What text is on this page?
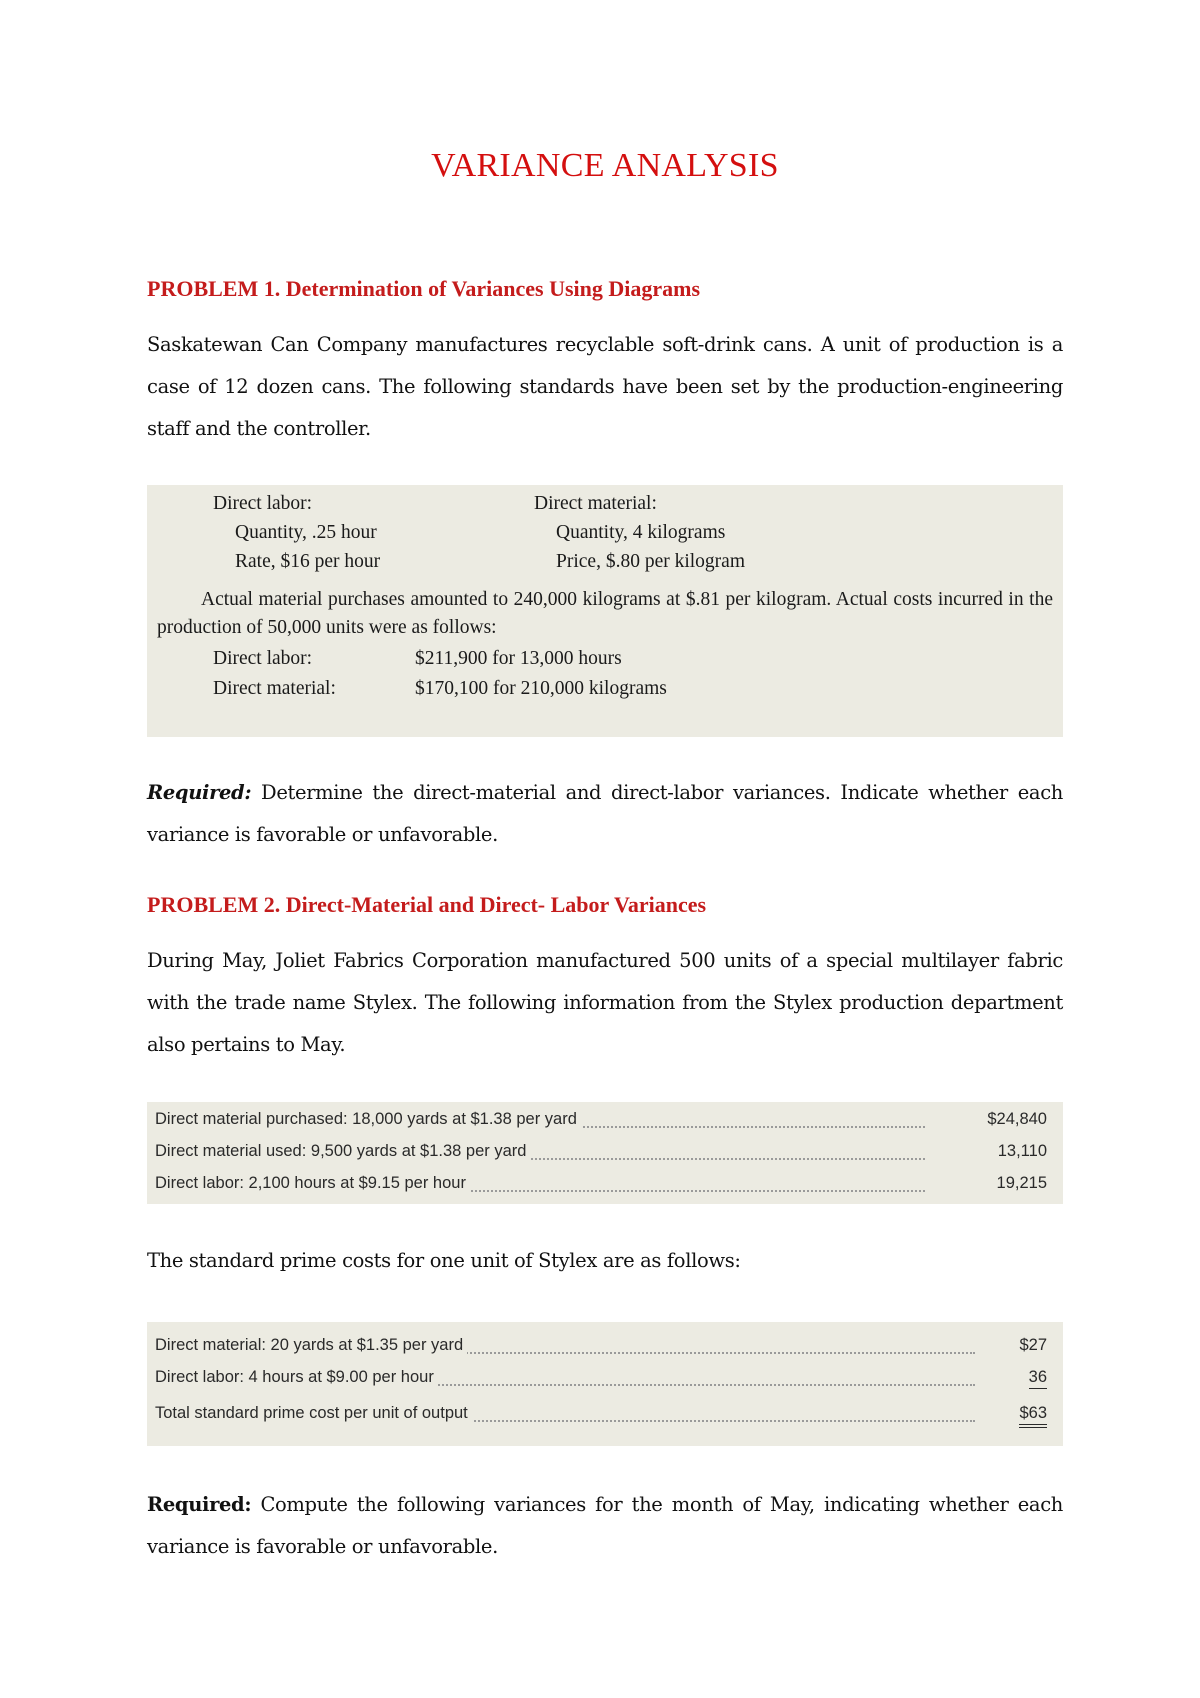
VARIANCE ANALYSIS
PROBLEM 1. Determination of Variances Using Diagrams

Saskatewan Can Company manufactures recyclable soft-drink cans. A unit of production is a case of 12 dozen cans. The following standards have been set by the production-engineering staff and the controller.

Direct labor:
Quantity, .25 hour
Rate, $16 per hour
Direct material:
Quantity, 4 kilograms
Price, $.80 per kilogram
Actual material purchases amounted to 240,000 kilograms at $.81 per kilogram. Actual costs incurred in the production of 50,000 units were as follows:
Direct labor:	$211,900 for 13,000 hours
Direct material:	$170,100 for 210,000 kilograms

Required: Determine the direct-material and direct-labor variances. Indicate whether each variance is favorable or unfavorable.

PROBLEM 2. Direct-Material and Direct- Labor Variances

During May, Joliet Fabrics Corporation manufactured 500 units of a special multilayer fabric with the trade name Stylex. The following information from the Stylex production department also pertains to May.

Direct material purchased: 18,000 yards at $1.38 per yard	$24,840
Direct material used: 9,500 yards at $1.38 per yard	13,110
Direct labor: 2,100 hours at $9.15 per hour	19,215

The standard prime costs for one unit of Stylex are as follows:

Direct material: 20 yards at $1.35 per yard	$27
Direct labor: 4 hours at $9.00 per hour	36
Total standard prime cost per unit of output	$63

Required: Compute the following variances for the month of May, indicating whether each variance is favorable or unfavorable.
